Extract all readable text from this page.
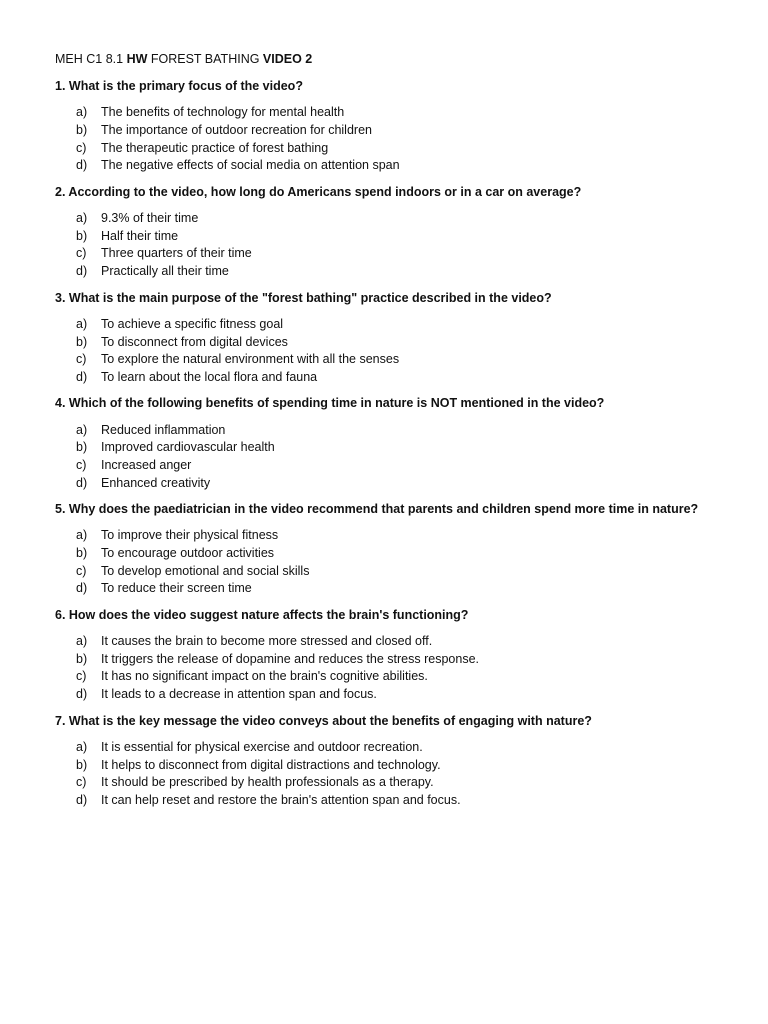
MEH C1 8.1 HW FOREST BATHING VIDEO 2
1. What is the primary focus of the video?
a)	The benefits of technology for mental health
b)	The importance of outdoor recreation for children
c)	The therapeutic practice of forest bathing
d)	The negative effects of social media on attention span
2. According to the video, how long do Americans spend indoors or in a car on average?
a)	9.3% of their time
b)	Half their time
c)	Three quarters of their time
d)	Practically all their time
3. What is the main purpose of the "forest bathing" practice described in the video?
a)	To achieve a specific fitness goal
b)	To disconnect from digital devices
c)	To explore the natural environment with all the senses
d)	To learn about the local flora and fauna
4. Which of the following benefits of spending time in nature is NOT mentioned in the video?
a)	Reduced inflammation
b)	Improved cardiovascular health
c)	Increased anger
d)	Enhanced creativity
5. Why does the paediatrician in the video recommend that parents and children spend more time in nature?
a)	To improve their physical fitness
b)	To encourage outdoor activities
c)	To develop emotional and social skills
d)	To reduce their screen time
6. How does the video suggest nature affects the brain's functioning?
a)	It causes the brain to become more stressed and closed off.
b)	It triggers the release of dopamine and reduces the stress response.
c)	It has no significant impact on the brain's cognitive abilities.
d)	It leads to a decrease in attention span and focus.
7. What is the key message the video conveys about the benefits of engaging with nature?
a)	It is essential for physical exercise and outdoor recreation.
b)	It helps to disconnect from digital distractions and technology.
c)	It should be prescribed by health professionals as a therapy.
d)	It can help reset and restore the brain's attention span and focus.
